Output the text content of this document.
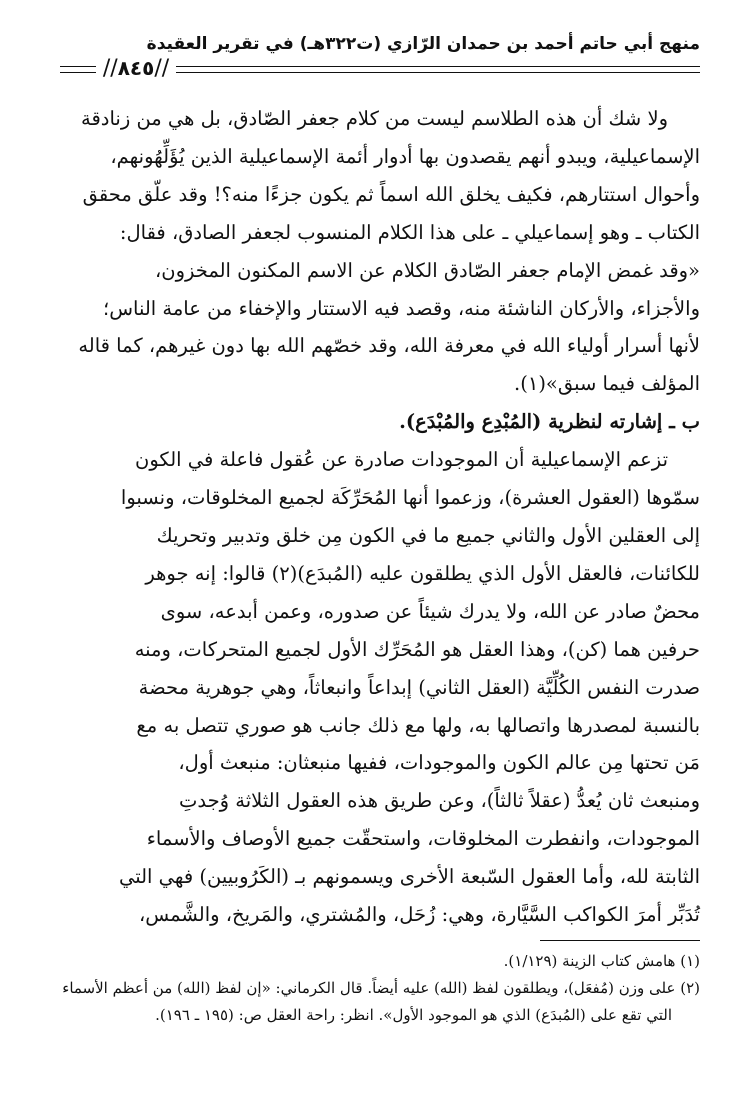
منهج أبي حاتم أحمد بن حمدان الرّازي (ت٣٢٢هـ) في تقرير العقيدة
//٨٤٥//

ولا شك أن هذه الطلاسم ليست من كلام جعفر الصّادق، بل هي من زنادقة

الإسماعيلية، ويبدو أنهم يقصدون بها أدوار أئمة الإسماعيلية الذين يُؤَلِّهُونهم،

وأحوال استتارهم، فكيف يخلق الله اسماً ثم يكون جزءًا منه؟! وقد علّق محقق

الكتاب ـ وهو إسماعيلي ـ على هذا الكلام المنسوب لجعفر الصادق، فقال:

«وقد غمض الإمام جعفر الصّادق الكلام عن الاسم المكنون المخزون،

والأجزاء، والأركان الناشئة منه، وقصد فيه الاستتار والإخفاء من عامة الناس؛

لأنها أسرار أولياء الله في معرفة الله، وقد خصّهم الله بها دون غيرهم، كما قاله

المؤلف فيما سبق»(١).

ب ـ إشارته لنظرية (المُبْدِع والمُبْدَع).

تزعم الإسماعيلية أن الموجودات صادرة عن عُقول فاعلة في الكون

سمّوها (العقول العشرة)، وزعموا أنها المُحَرِّكَة لجميع المخلوقات، ونسبوا

إلى العقلين الأول والثاني جميع ما في الكون مِن خلق وتدبير وتحريك

للكائنات، فالعقل الأول الذي يطلقون عليه (المُبدَع)(٢) قالوا: إنه جوهر

محضٌ صادر عن الله، ولا يدرك شيئاً عن صدوره، وعمن أبدعه، سوى

حرفين هما (كن)، وهذا العقل هو المُحَرِّك الأول لجميع المتحركات، ومنه

صدرت النفس الكُلِّيَّة (العقل الثاني) إبداعاً وانبعاثاً، وهي جوهرية محضة

بالنسبة لمصدرها واتصالها به، ولها مع ذلك جانب هو صوري تتصل به مع

مَن تحتها مِن عالم الكون والموجودات، ففيها منبعثان: منبعث أول،

ومنبعث ثان يُعدُّ (عقلاً ثالثاً)، وعن طريق هذه العقول الثلاثة وُجدتِ

الموجودات، وانفطرت المخلوقات، واستحقّت جميع الأوصاف والأسماء

الثابتة لله، وأما العقول السّبعة الأخرى ويسمونهم بـ (الكَرُوبيين) فهي التي

تُدَبِّر أمرَ الكواكب السَّيَّارة، وهي: زُحَل، والمُشتري، والمَريخ، والشَّمس،

(١) هامش كتاب الزينة (١/١٢٩).

(٢) على وزن (مُفعَل)، ويطلقون لفظ (الله) عليه أيضاً. قال الكرماني: «إن لفظ (الله) من أعظم الأسماء التي تقع على (المُبدَع) الذي هو الموجود الأول». انظر: راحة العقل ص: (١٩٥ ـ ١٩٦).
